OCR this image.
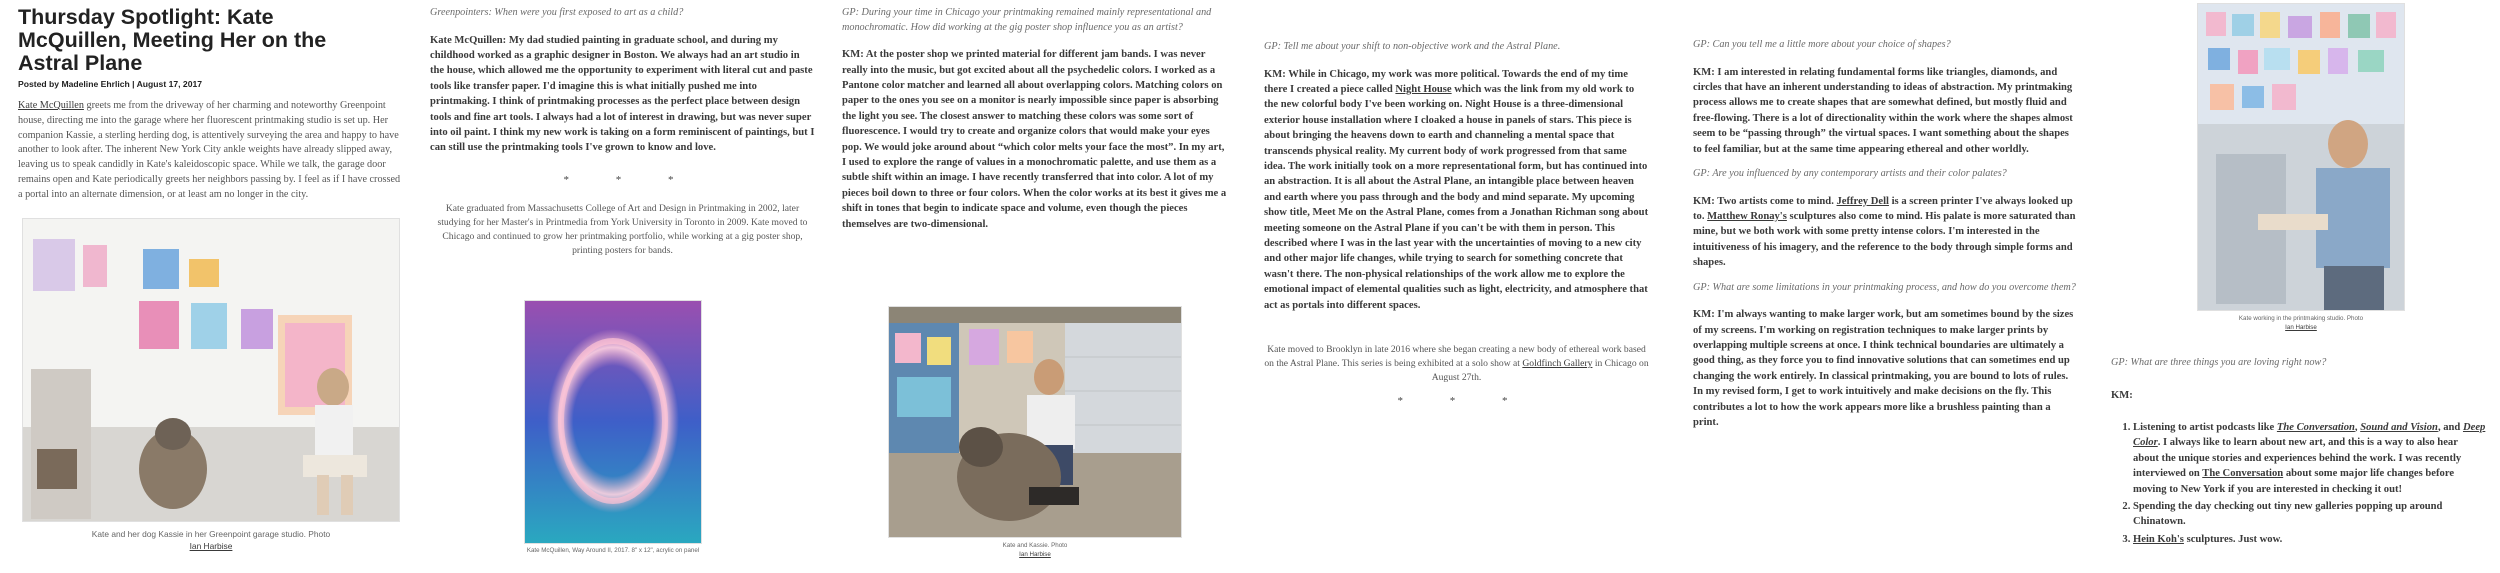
Thursday Spotlight: Kate McQuillen, Meeting Her on the Astral Plane
Posted by Madeline Ehrlich | August 17, 2017

Kate McQuillen greets me from the driveway of her charming and noteworthy Greenpoint house, directing me into the garage where her fluorescent printmaking studio is set up. Her companion Kassie, a sterling herding dog, is attentively surveying the area and happy to have another to look after. The inherent New York City ankle weights have already slipped away, leaving us to speak candidly in Kate's kaleidoscopic space. While we talk, the garage door remains open and Kate periodically greets her neighbors passing by. I feel as if I have crossed a portal into an alternate dimension, or at least am no longer in the city.

Kate and her dog Kassie in her Greenpoint garage studio. Photo
Ian Harbise

Greenpointers: When were you first exposed to art as a child?

Kate McQuillen: My dad studied painting in graduate school, and during my childhood worked as a graphic designer in Boston. We always had an art studio in the house, which allowed me the opportunity to experiment with literal cut and paste tools like transfer paper. I'd imagine this is what initially pushed me into printmaking. I think of printmaking processes as the perfect place between design tools and fine art tools. I always had a lot of interest in drawing, but was never super into oil paint. I think my new work is taking on a form reminiscent of paintings, but I can still use the printmaking tools I've grown to know and love.

* * *

Kate graduated from Massachusetts College of Art and Design in Printmaking in 2002, later studying for her Master's in Printmedia from York University in Toronto in 2009. Kate moved to Chicago and continued to grow her printmaking portfolio, while working at a gig poster shop, printing posters for bands.

Kate McQuillen, Way Around II, 2017. 8" x 12", acrylic on panel

GP: During your time in Chicago your printmaking remained mainly representational and monochromatic. How did working at the gig poster shop influence you as an artist?

KM: At the poster shop we printed material for different jam bands. I was never really into the music, but got excited about all the psychedelic colors. I worked as a Pantone color matcher and learned all about overlapping colors. Matching colors on paper to the ones you see on a monitor is nearly impossible since paper is absorbing the light you see. The closest answer to matching these colors was some sort of fluorescence. I would try to create and organize colors that would make your eyes pop. We would joke around about “which color melts your face the most”. In my art, I used to explore the range of values in a monochromatic palette, and use them as a subtle shift within an image. I have recently transferred that into color. A lot of my pieces boil down to three or four colors. When the color works at its best it gives me a shift in tones that begin to indicate space and volume, even though the pieces themselves are two-dimensional.

Kate and Kassie. Photo
Ian Harbise

GP: Tell me about your shift to non-objective work and the Astral Plane.

KM: While in Chicago, my work was more political. Towards the end of my time there I created a piece called Night House which was the link from my old work to the new colorful body I've been working on. Night House is a three-dimensional exterior house installation where I cloaked a house in panels of stars. This piece is about bringing the heavens down to earth and channeling a mental space that transcends physical reality. My current body of work progressed from that same idea. The work initially took on a more representational form, but has continued into an abstraction. It is all about the Astral Plane, an intangible place between heaven and earth where you pass through and the body and mind separate. My upcoming show title, Meet Me on the Astral Plane, comes from a Jonathan Richman song about meeting someone on the Astral Plane if you can't be with them in person. This described where I was in the last year with the uncertainties of moving to a new city and other major life changes, while trying to search for something concrete that wasn't there. The non-physical relationships of the work allow me to explore the emotional impact of elemental qualities such as light, electricity, and atmosphere that act as portals into different spaces.

Kate moved to Brooklyn in late 2016 where she began creating a new body of ethereal work based on the Astral Plane. This series is being exhibited at a solo show at Goldfinch Gallery in Chicago on August 27th.

* * *

GP: Can you tell me a little more about your choice of shapes?

KM: I am interested in relating fundamental forms like triangles, diamonds, and circles that have an inherent understanding to ideas of abstraction. My printmaking process allows me to create shapes that are somewhat defined, but mostly fluid and free-flowing. There is a lot of directionality within the work where the shapes almost seem to be “passing through” the virtual spaces. I want something about the shapes to feel familiar, but at the same time appearing ethereal and other worldly.

GP: Are you influenced by any contemporary artists and their color palates?

KM: Two artists come to mind. Jeffrey Dell is a screen printer I've always looked up to. Matthew Ronay's sculptures also come to mind. His palate is more saturated than mine, but we both work with some pretty intense colors. I'm interested in the intuitiveness of his imagery, and the reference to the body through simple forms and shapes.

GP: What are some limitations in your printmaking process, and how do you overcome them?

KM: I'm always wanting to make larger work, but am sometimes bound by the sizes of my screens. I'm working on registration techniques to make larger prints by overlapping multiple screens at once. I think technical boundaries are ultimately a good thing, as they force you to find innovative solutions that can sometimes end up changing the work entirely. In classical printmaking, you are bound to lots of rules. In my revised form, I get to work intuitively and make decisions on the fly. This contributes a lot to how the work appears more like a brushless painting than a print.

Kate working in the printmaking studio. Photo
Ian Harbise

GP: What are three things you are loving right now?

KM:

1. Listening to artist podcasts like The Conversation, Sound and Vision, and Deep Color. I always like to learn about new art, and this is a way to also hear about the unique stories and experiences behind the work. I was recently interviewed on The Conversation about some major life changes before moving to New York if you are interested in checking it out!
2. Spending the day checking out tiny new galleries popping up around Chinatown.
3. Hein Koh's sculptures. Just wow.
